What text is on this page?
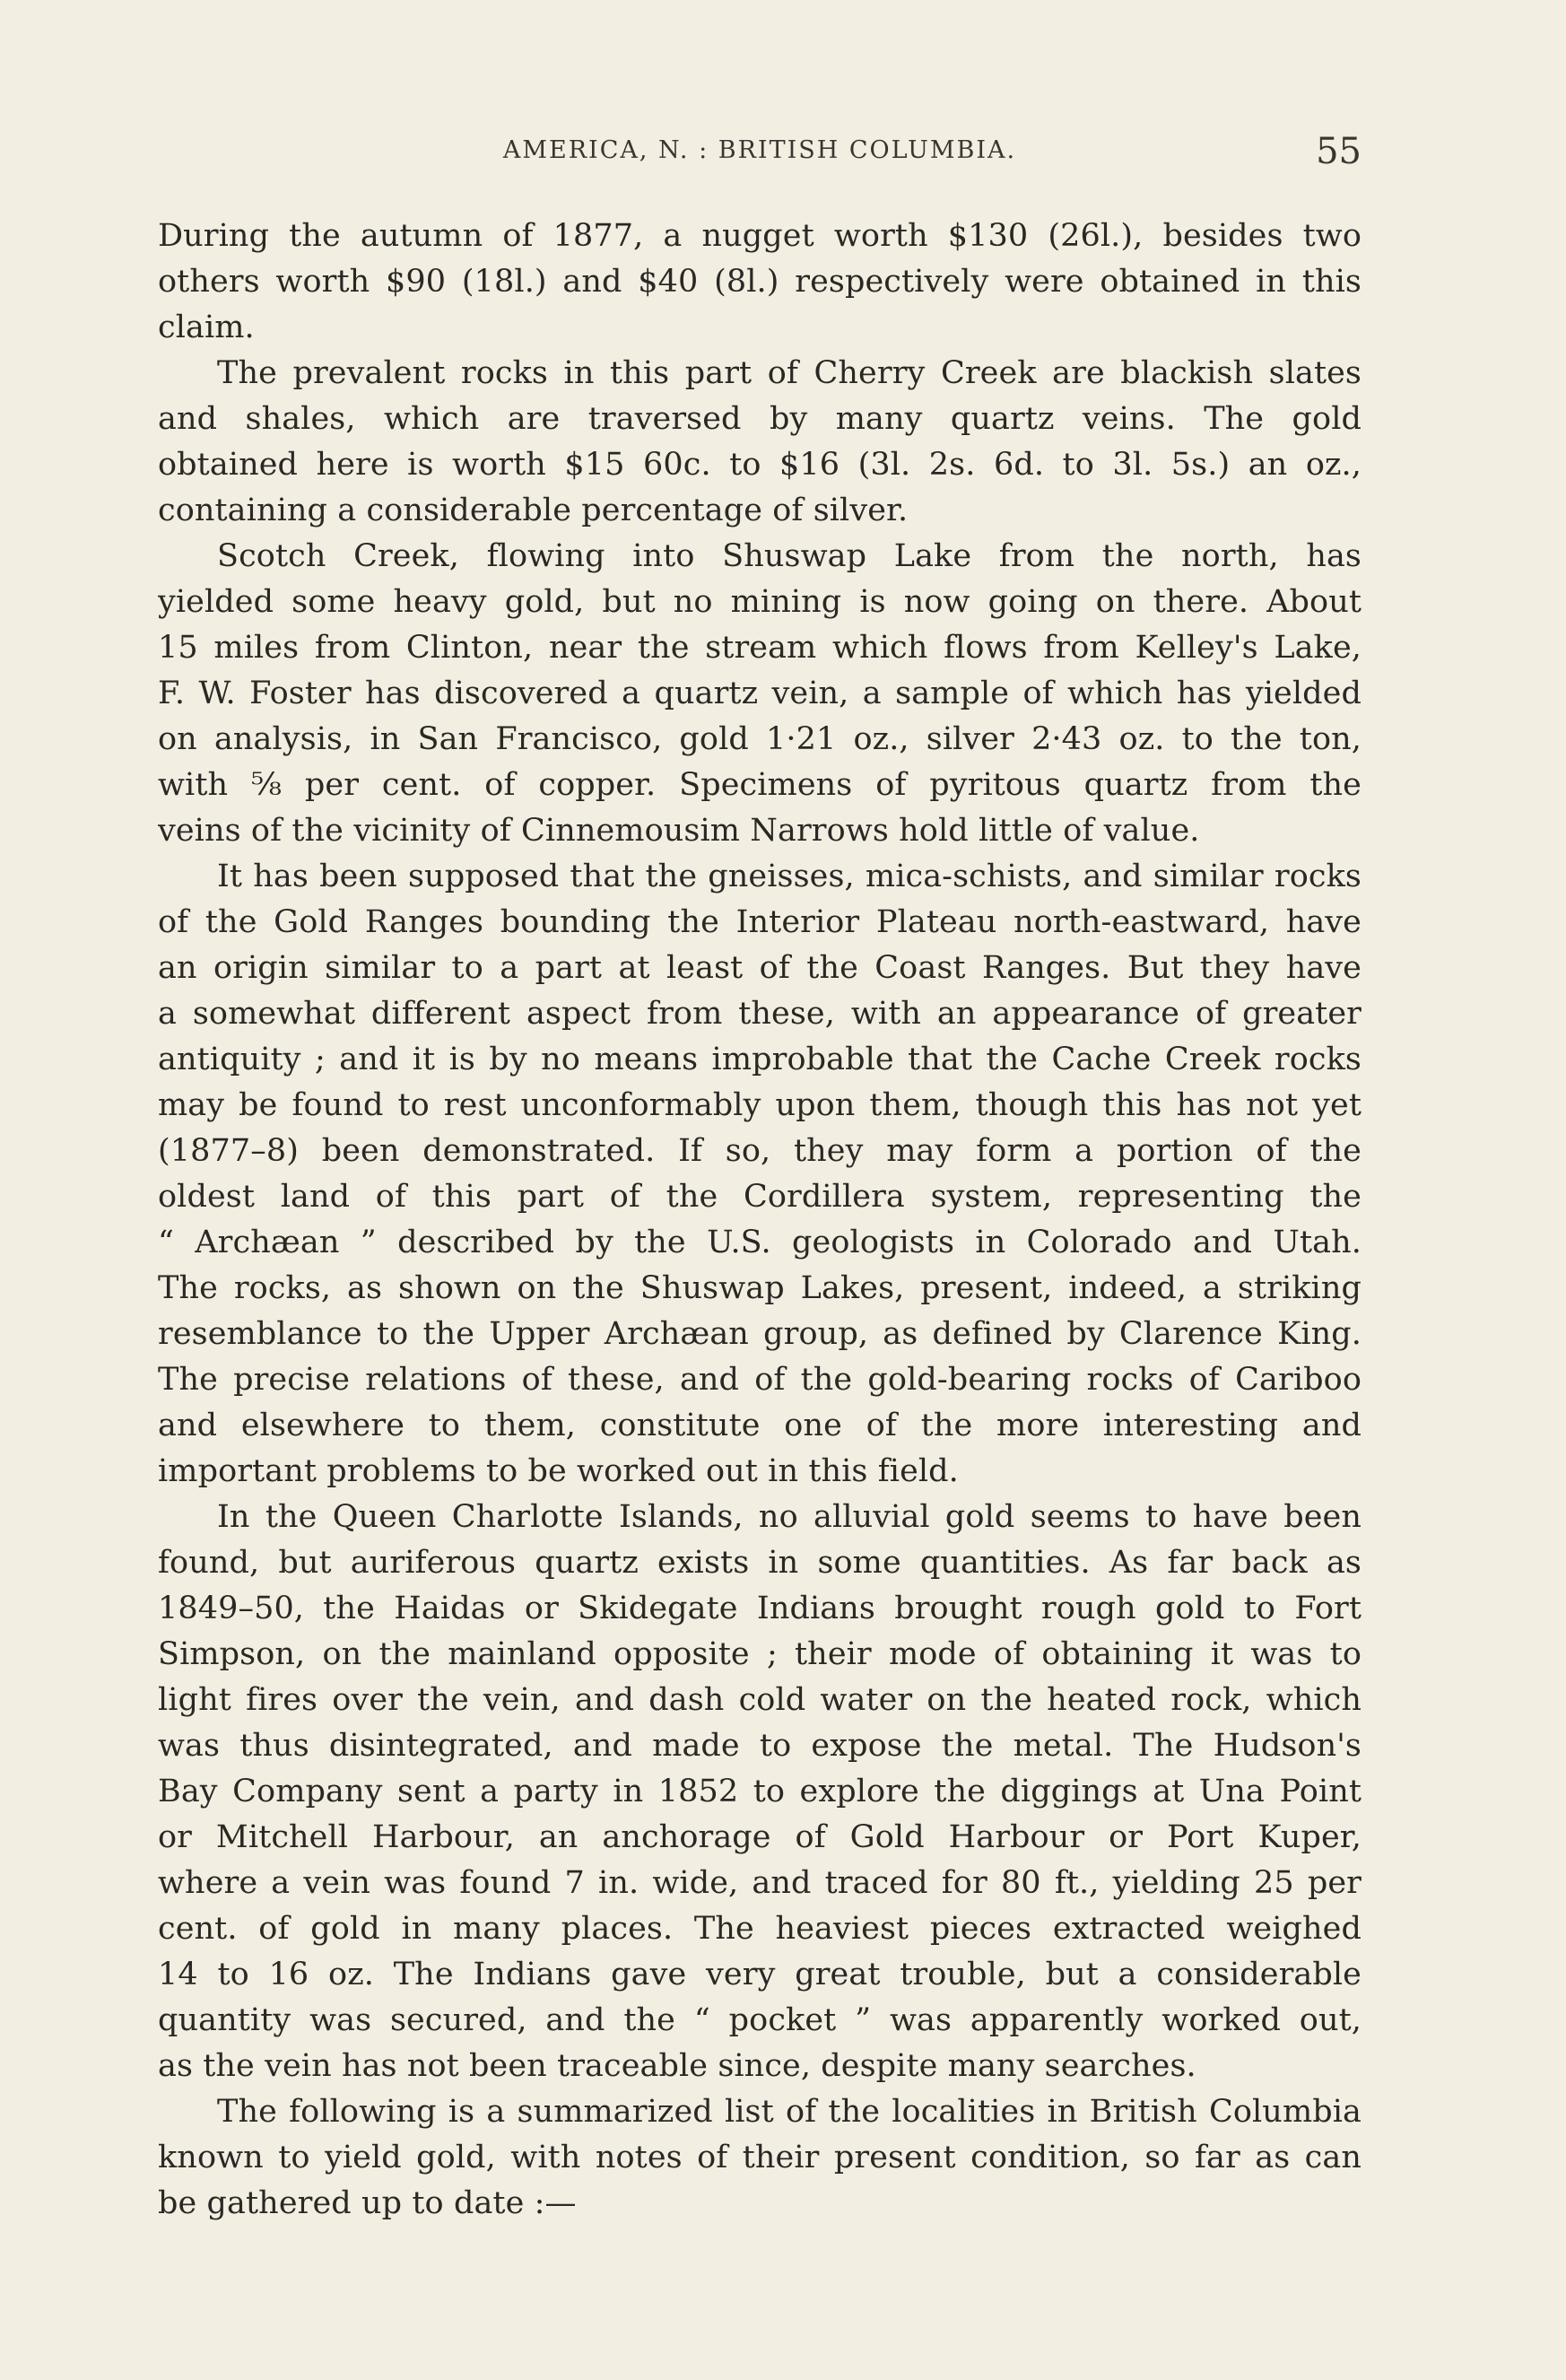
AMERICA, N. : BRITISH COLUMBIA.	55
During the autumn of 1877, a nugget worth $130 (26l.), besides two
others worth $90 (18l.) and $40 (8l.) respectively were obtained in this
claim.
The prevalent rocks in this part of Cherry Creek are blackish slates
and shales, which are traversed by many quartz veins. The gold
obtained here is worth $15 60c. to $16 (3l. 2s. 6d. to 3l. 5s.) an oz.,
containing a considerable percentage of silver.
Scotch Creek, flowing into Shuswap Lake from the north, has
yielded some heavy gold, but no mining is now going on there. About
15 miles from Clinton, near the stream which flows from Kelley's Lake,
F. W. Foster has discovered a quartz vein, a sample of which has yielded
on analysis, in San Francisco, gold 1·21 oz., silver 2·43 oz. to the ton,
with ⅝ per cent. of copper. Specimens of pyritous quartz from the
veins of the vicinity of Cinnemousim Narrows hold little of value.
It has been supposed that the gneisses, mica-schists, and similar rocks
of the Gold Ranges bounding the Interior Plateau north-eastward, have
an origin similar to a part at least of the Coast Ranges. But they have
a somewhat different aspect from these, with an appearance of greater
antiquity ; and it is by no means improbable that the Cache Creek rocks
may be found to rest unconformably upon them, though this has not yet
(1877–8) been demonstrated. If so, they may form a portion of the
oldest land of this part of the Cordillera system, representing the
“ Archæan ” described by the U.S. geologists in Colorado and Utah.
The rocks, as shown on the Shuswap Lakes, present, indeed, a striking
resemblance to the Upper Archæan group, as defined by Clarence King.
The precise relations of these, and of the gold-bearing rocks of Cariboo
and elsewhere to them, constitute one of the more interesting and
important problems to be worked out in this field.
In the Queen Charlotte Islands, no alluvial gold seems to have been
found, but auriferous quartz exists in some quantities. As far back as
1849–50, the Haidas or Skidegate Indians brought rough gold to Fort
Simpson, on the mainland opposite ; their mode of obtaining it was to
light fires over the vein, and dash cold water on the heated rock, which
was thus disintegrated, and made to expose the metal. The Hudson's
Bay Company sent a party in 1852 to explore the diggings at Una Point
or Mitchell Harbour, an anchorage of Gold Harbour or Port Kuper,
where a vein was found 7 in. wide, and traced for 80 ft., yielding 25 per
cent. of gold in many places. The heaviest pieces extracted weighed
14 to 16 oz. The Indians gave very great trouble, but a considerable
quantity was secured, and the “ pocket ” was apparently worked out,
as the vein has not been traceable since, despite many searches.
The following is a summarized list of the localities in British Columbia
known to yield gold, with notes of their present condition, so far as can
be gathered up to date :—
